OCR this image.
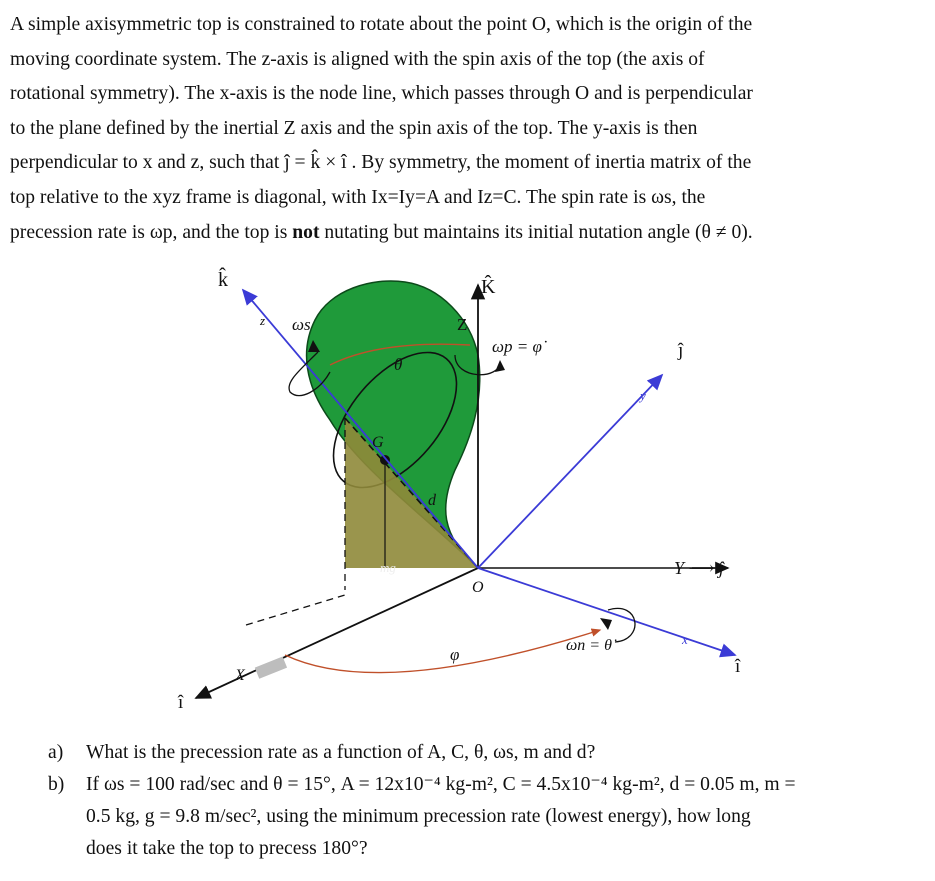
A simple axisymmetric top is constrained to rotate about the point O, which is the origin of the

moving coordinate system. The z-axis is aligned with the spin axis of the top (the axis of

rotational symmetry). The x-axis is the node line, which passes through O and is perpendicular

to the plane defined by the inertial Z axis and the spin axis of the top. The y-axis is then

perpendicular to x and z, such that ĵ = k̂ × î . By symmetry, the moment of inertia matrix of the

top relative to the xyz frame is diagonal, with Ix=Iy=A and Iz=C. The spin rate is ωs, the

precession rate is ωp, and the top is not nutating but maintains its initial nutation angle (θ ≠ 0).

k̂	K̂
z	Z
ωs
θ
ωp = φ̇	ĵ
y
G
d
mg	Y ⟶ ĵ
O
ωn = θ̇	x
î
X
φ
î
a)	What is the precession rate as a function of A, C, θ, ωs, m and d?
b)	If ωs = 100 rad/sec and θ = 15°, A = 12x10⁻⁴ kg-m², C = 4.5x10⁻⁴ kg-m², d = 0.05 m, m =
0.5 kg, g = 9.8 m/sec², using the minimum precession rate (lowest energy), how long
does it take the top to precess 180°?
